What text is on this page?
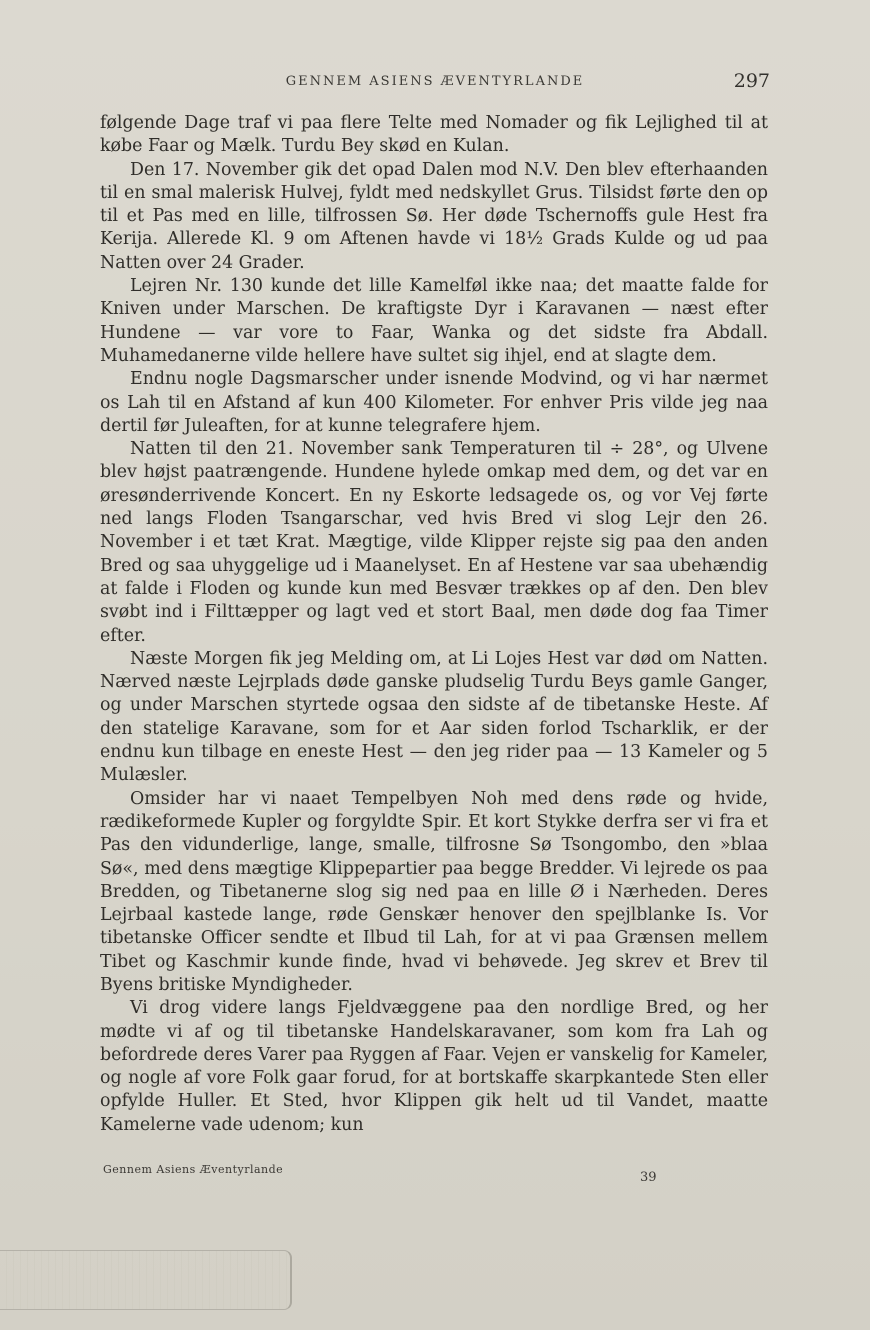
GENNEM ASIENS ÆVENTYRLANDE	297

følgende Dage traf vi paa flere Telte med Nomader og fik Lejlighed til at købe Faar og Mælk. Turdu Bey skød en Kulan.

Den 17. November gik det opad Dalen mod N.V. Den blev efterhaanden til en smal malerisk Hulvej, fyldt med nedskyllet Grus. Tilsidst førte den op til et Pas med en lille, tilfrossen Sø. Her døde Tschernoffs gule Hest fra Kerija. Allerede Kl. 9 om Aftenen havde vi 18½ Grads Kulde og ud paa Natten over 24 Grader.

Lejren Nr. 130 kunde det lille Kamelføl ikke naa; det maatte falde for Kniven under Marschen. De kraftigste Dyr i Karavanen — næst efter Hundene — var vore to Faar, Wanka og det sidste fra Abdall. Muhamedanerne vilde hellere have sultet sig ihjel, end at slagte dem.

Endnu nogle Dagsmarscher under isnende Modvind, og vi har nærmet os Lah til en Afstand af kun 400 Kilometer. For enhver Pris vilde jeg naa dertil før Juleaften, for at kunne telegrafere hjem.

Natten til den 21. November sank Temperaturen til ÷ 28°, og Ulvene blev højst paatrængende. Hundene hylede omkap med dem, og det var en øresønderrivende Koncert. En ny Eskorte ledsagede os, og vor Vej førte ned langs Floden Tsangarschar, ved hvis Bred vi slog Lejr den 26. November i et tæt Krat. Mægtige, vilde Klipper rejste sig paa den anden Bred og saa uhyggelige ud i Maanelyset. En af Hestene var saa ubehændig at falde i Floden og kunde kun med Besvær trækkes op af den. Den blev svøbt ind i Filttæpper og lagt ved et stort Baal, men døde dog faa Timer efter.

Næste Morgen fik jeg Melding om, at Li Lojes Hest var død om Natten. Nærved næste Lejrplads døde ganske pludselig Turdu Beys gamle Ganger, og under Marschen styrtede ogsaa den sidste af de tibetanske Heste. Af den statelige Karavane, som for et Aar siden forlod Tscharklik, er der endnu kun tilbage en eneste Hest — den jeg rider paa — 13 Kameler og 5 Mulæsler.

Omsider har vi naaet Tempelbyen Noh med dens røde og hvide, rædikeformede Kupler og forgyldte Spir. Et kort Stykke derfra ser vi fra et Pas den vidunderlige, lange, smalle, tilfrosne Sø Tsongombo, den »blaa Sø«, med dens mægtige Klippepartier paa begge Bredder. Vi lejrede os paa Bredden, og Tibetanerne slog sig ned paa en lille Ø i Nærheden. Deres Lejrbaal kastede lange, røde Genskær henover den spejlblanke Is. Vor tibetanske Officer sendte et Ilbud til Lah, for at vi paa Grænsen mellem Tibet og Kaschmir kunde finde, hvad vi behøvede. Jeg skrev et Brev til Byens britiske Myndigheder.

Vi drog videre langs Fjeldvæggene paa den nordlige Bred, og her mødte vi af og til tibetanske Handelskaravaner, som kom fra Lah og befordrede deres Varer paa Ryggen af Faar. Vejen er vanskelig for Kameler, og nogle af vore Folk gaar forud, for at bortskaffe skarpkantede Sten eller opfylde Huller. Et Sted, hvor Klippen gik helt ud til Vandet, maatte Kamelerne vade udenom; kun

Gennem Asiens Æventyrlande
39
